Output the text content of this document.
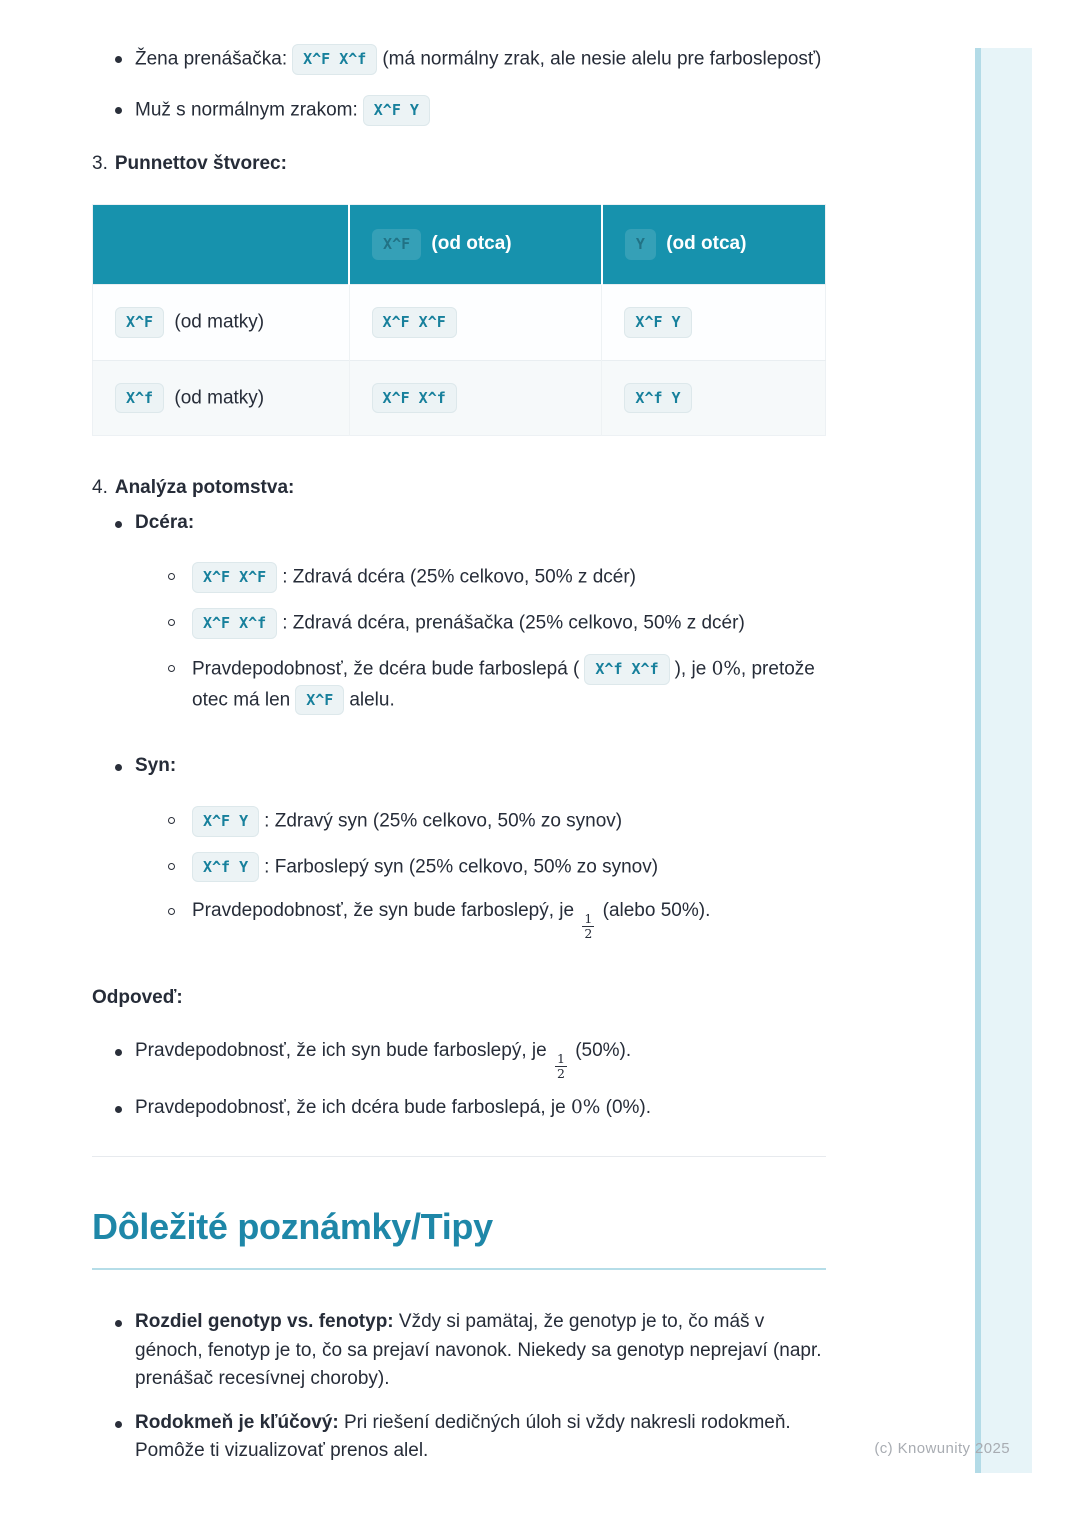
Žena prenášačka: X^F X^f (má normálny zrak, ale nesie alelu pre farbosleposť)
Muž s normálnym zrakom: X^F Y
3. Punnettov štvorec:
	X^F (od otca)	Y (od otca)
X^F (od matky)	X^F X^F	X^F Y
X^f (od matky)	X^F X^f	X^f Y
4. Analýza potomstva:
Dcéra:
X^F X^F : Zdravá dcéra (25% celkovo, 50% z dcér)
X^F X^f : Zdravá dcéra, prenášačka (25% celkovo, 50% z dcér)
Pravdepodobnosť, že dcéra bude farboslepá ( X^f X^f ), je 0%, pretože otec má len X^F alelu.
Syn:
X^F Y : Zdravý syn (25% celkovo, 50% zo synov)
X^f Y : Farboslepý syn (25% celkovo, 50% zo synov)
Pravdepodobnosť, že syn bude farboslepý, je
$\frac{1}{2}$
(alebo 50%).
Odpoveď:
Pravdepodobnosť, že ich syn bude farboslepý, je
$\frac{1}{2}$
(50%).
Pravdepodobnosť, že ich dcéra bude farboslepá, je 0% (0%).
Dôležité poznámky/Tipy
Rozdiel genotyp vs. fenotyp: Vždy si pamätaj, že genotyp je to, čo máš v génoch, fenotyp je to, čo sa prejaví navonok. Niekedy sa genotyp neprejaví (napr. prenášač recesívnej choroby).
Rodokmeň je kľúčový: Pri riešení dedičných úloh si vždy nakresli rodokmeň. Pomôže ti vizualizovať prenos alel.	(c) Knowunity 2025
